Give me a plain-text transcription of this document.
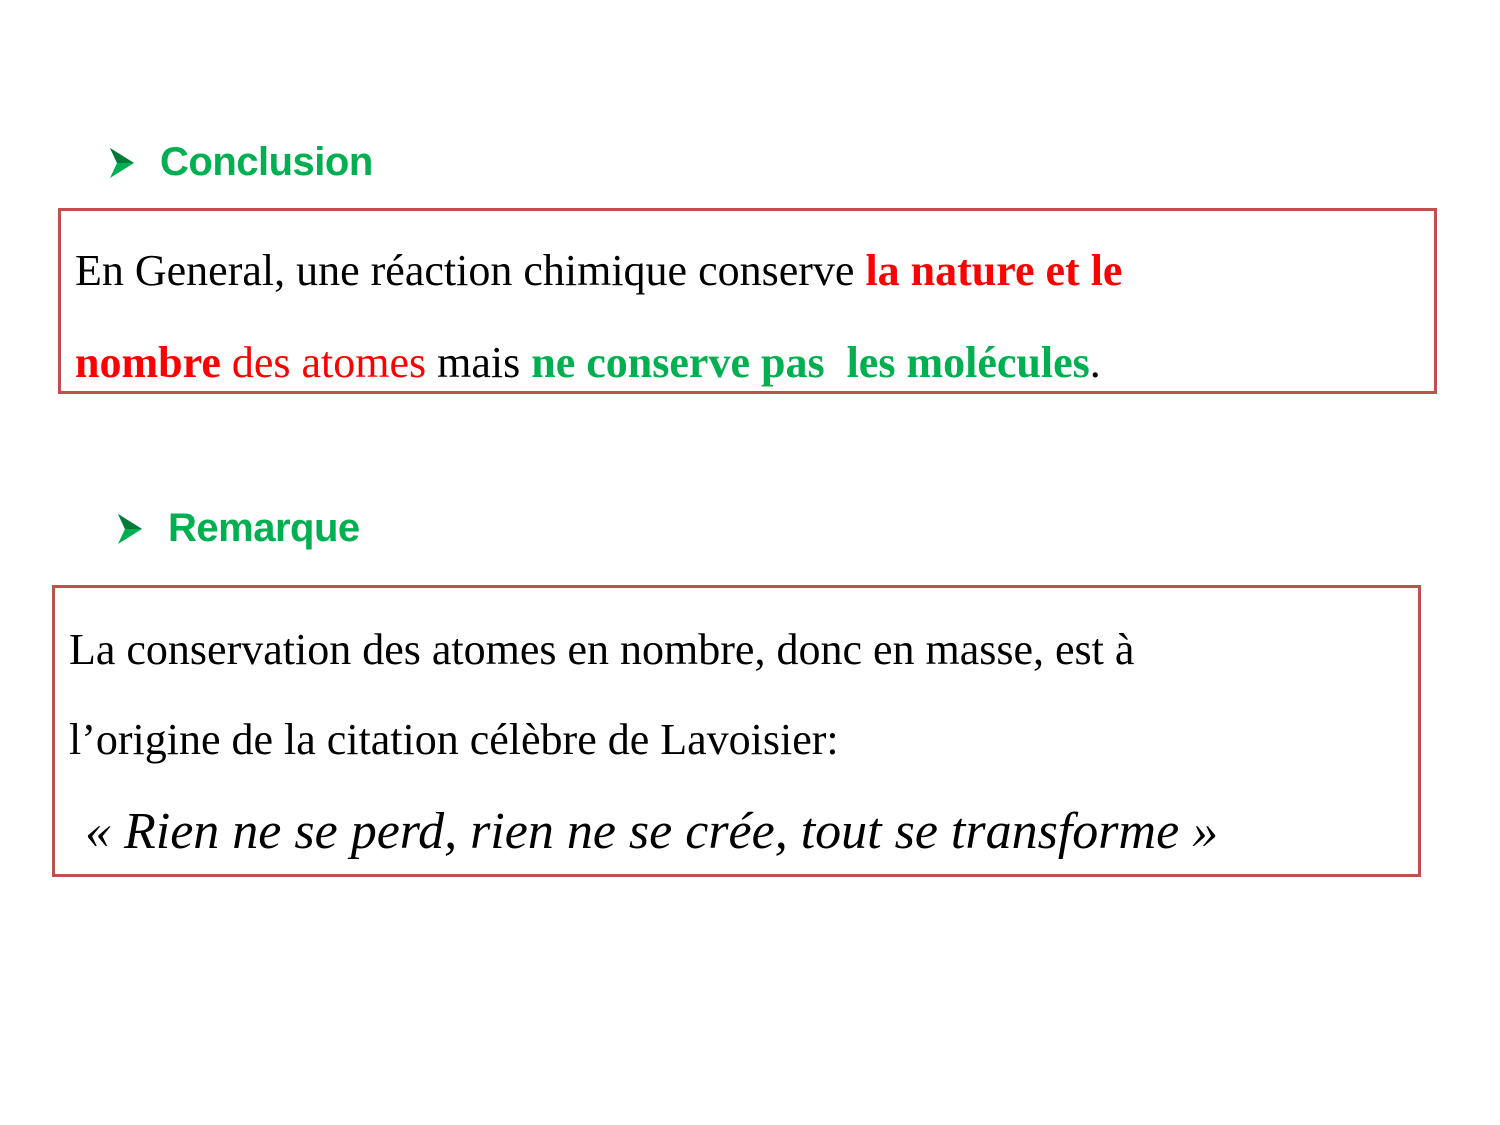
Conclusion
En General, une réaction chimique conserve la nature et le
nombre des atomes mais ne conserve pas les molécules.
Remarque
La conservation des atomes en nombre, donc en masse, est à
l’origine de la citation célèbre de Lavoisier:
« Rien ne se perd, rien ne se crée, tout se transforme »
